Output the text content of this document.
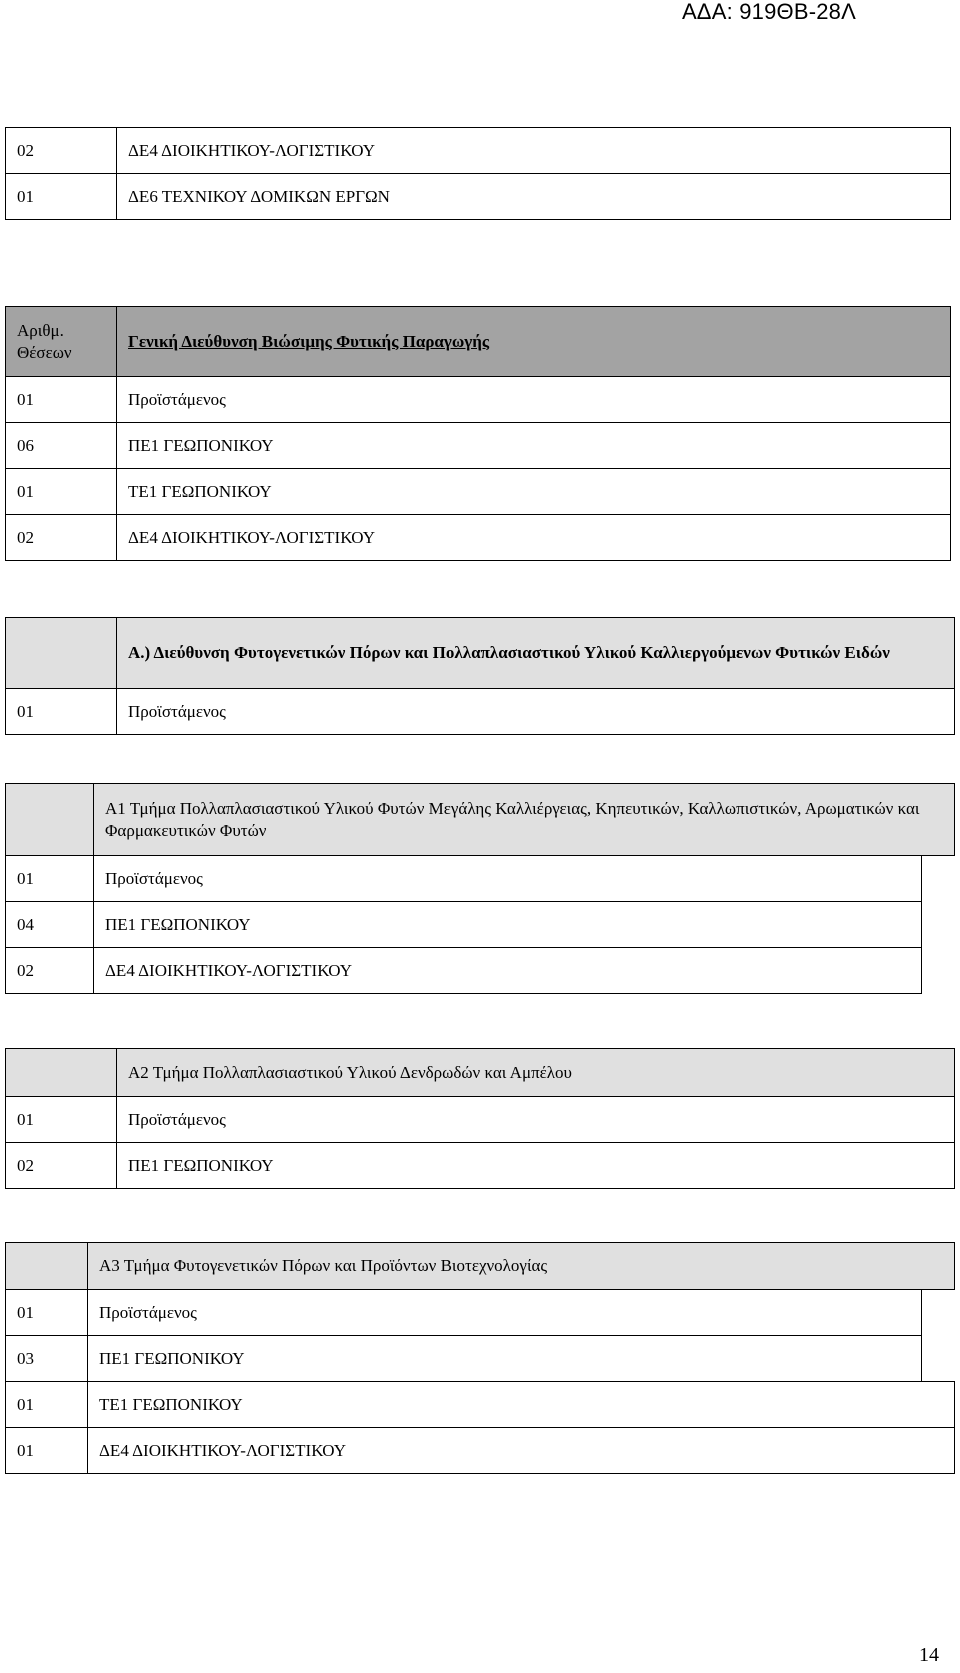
ΑΔΑ: 919ΘΒ-28Λ
02	ΔΕ4 ΔΙΟΙΚΗΤΙΚΟΥ-ΛΟΓΙΣΤΙΚΟΥ
01	ΔΕ6 ΤΕΧΝΙΚΟΥ ΔΟΜΙΚΩΝ ΕΡΓΩΝ
Αριθμ. Θέσεων	Γενική Διεύθυνση Βιώσιμης Φυτικής Παραγωγής
01	Προϊστάμενος
06	ΠΕ1 ΓΕΩΠΟΝΙΚΟΥ
01	ΤΕ1 ΓΕΩΠΟΝΙΚΟΥ
02	ΔΕ4 ΔΙΟΙΚΗΤΙΚΟΥ-ΛΟΓΙΣΤΙΚΟΥ
	Α.) Διεύθυνση Φυτογενετικών Πόρων και Πολλαπλασιαστικού Υλικού Καλλιεργούμενων Φυτικών Ειδών
01	Προϊστάμενος
	Α1 Τμήμα Πολλαπλασιαστικού Υλικού Φυτών Μεγάλης Καλλιέργειας, Κηπευτικών, Καλλωπιστικών, Αρωματικών και Φαρμακευτικών Φυτών	
01	Προϊστάμενος	
04	ΠΕ1 ΓΕΩΠΟΝΙΚΟΥ	
02	ΔΕ4 ΔΙΟΙΚΗΤΙΚΟΥ-ΛΟΓΙΣΤΙΚΟΥ	
	Α2 Τμήμα Πολλαπλασιαστικού Υλικού Δενδρωδών και Αμπέλου
01	Προϊστάμενος
02	ΠΕ1 ΓΕΩΠΟΝΙΚΟΥ
	Α3 Τμήμα Φυτογενετικών Πόρων και Προϊόντων Βιοτεχνολογίας	
01	Προϊστάμενος	
03	ΠΕ1 ΓΕΩΠΟΝΙΚΟΥ	
01	ΤΕ1 ΓΕΩΠΟΝΙΚΟΥ	
01	ΔΕ4 ΔΙΟΙΚΗΤΙΚΟΥ-ΛΟΓΙΣΤΙΚΟΥ	
14
